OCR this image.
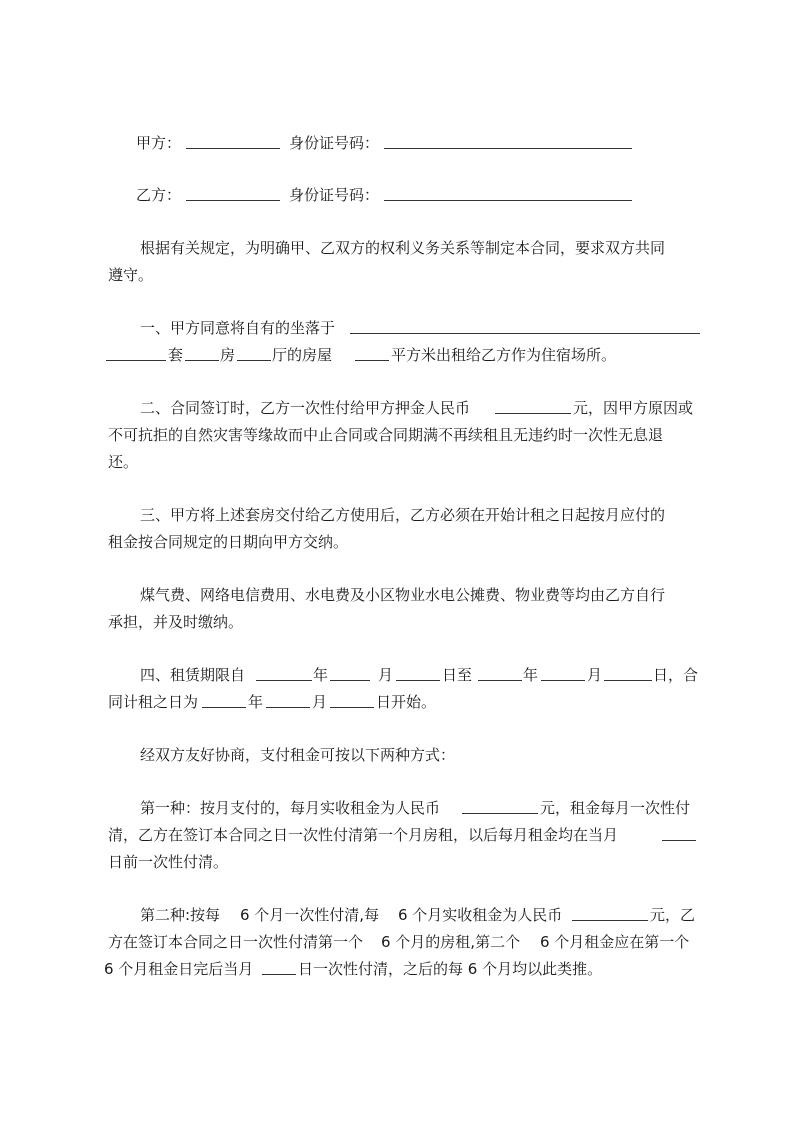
甲方：	身份证号码：
乙方：	身份证号码：
根据有关规定，为明确甲、乙双方的权利义务关系等制定本合同，要求双方共同
遵守。
一、甲方同意将自有的坐落于
套 房 厅的房屋	平方米出租给乙方作为住宿场所。
二、合同签订时，乙方一次性付给甲方押金人民币	元，因甲方原因或
不可抗拒的自然灾害等缘故而中止合同或合同期满不再续租且无违约时一次性无息退
还。
三、甲方将上述套房交付给乙方使用后，乙方必须在开始计租之日起按月应付的
租金按合同规定的日期向甲方交纳。
煤气费、网络电信费用、水电费及小区物业水电公摊费、物业费等均由乙方自行
承担，并及时缴纳。
四、租赁期限自	年	月	日至	年	月	日，合
同计租之日为	年	月	日开始。
经双方友好协商，支付租金可按以下两种方式：
第一种：按月支付的，每月实收租金为人民币	元，租金每月一次性付
清，乙方在签订本合同之日一次性付清第一个月房租，以后每月租金均在当月
日前一次性付清。
第二种:按每 6 个月一次性付清,每 6 个月实收租金为人民币	元，乙
方在签订本合同之日一次性付清第一个 6 个月的房租,第二个 6 个月租金应在第一个
6 个月租金日完后当月	日一次性付清，之后的每 6 个月均以此类推。
